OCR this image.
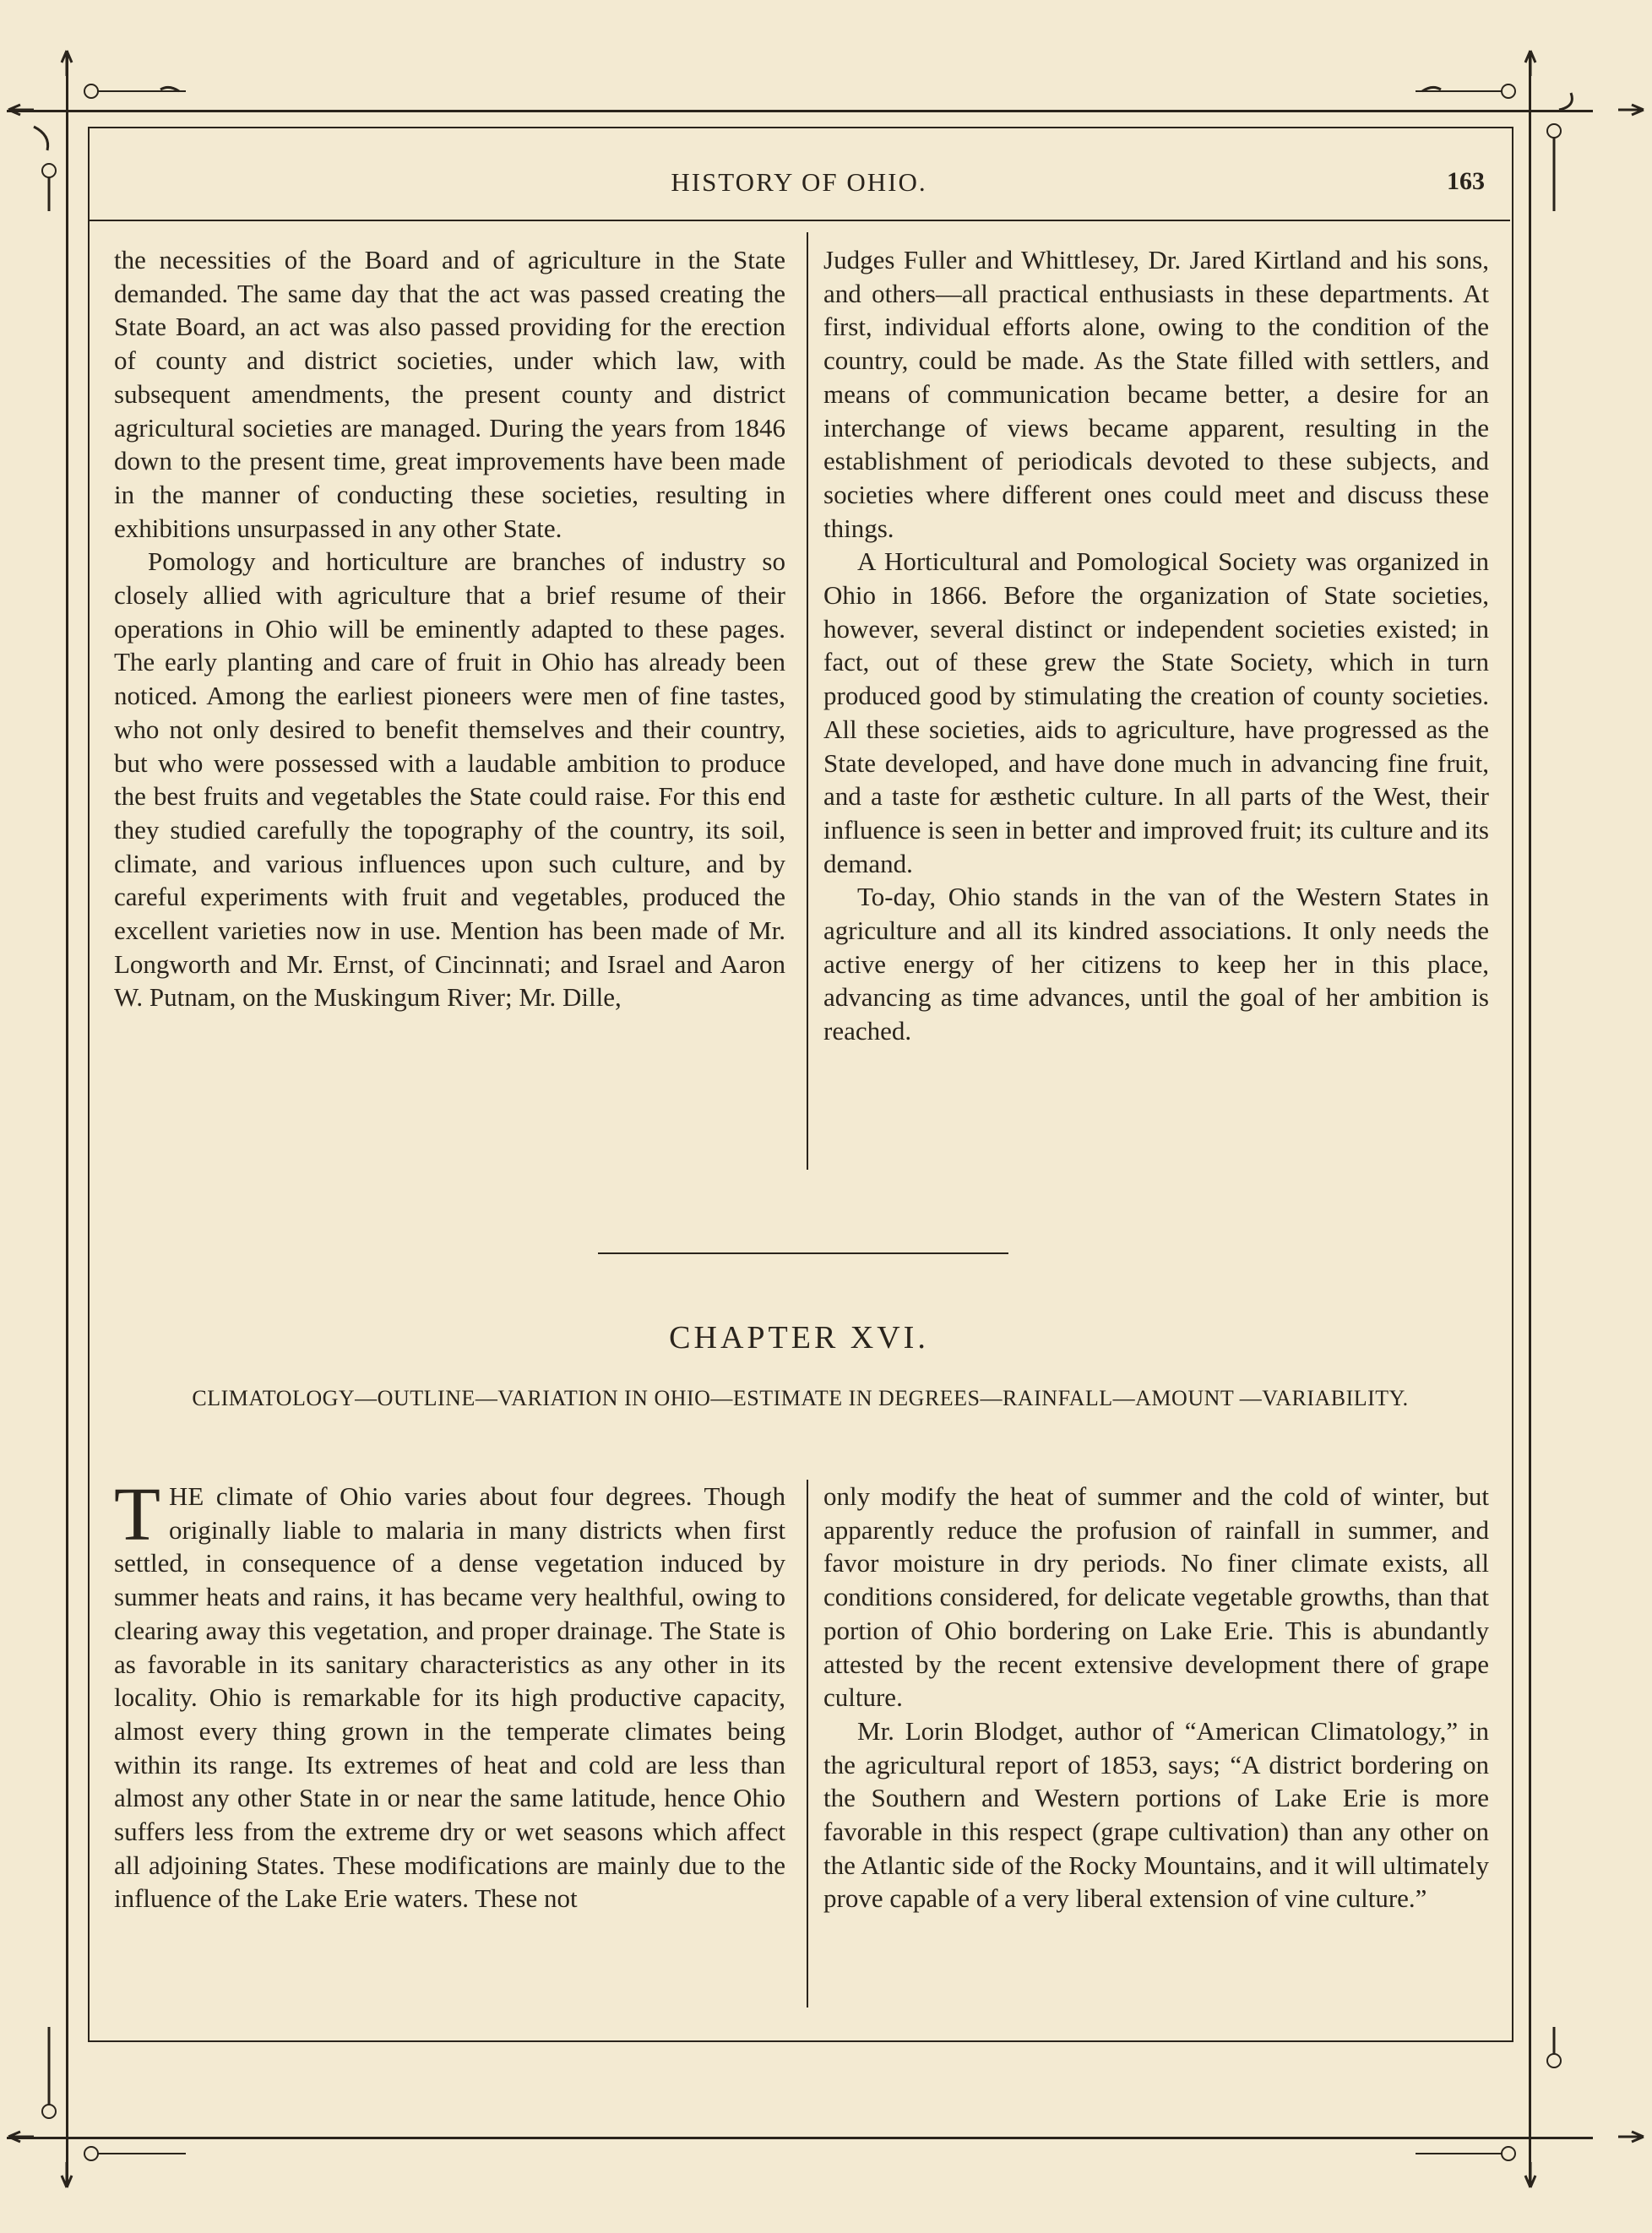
HISTORY OF OHIO.	163

the necessities of the Board and of agriculture in the State demanded. The same day that the act was passed creating the State Board, an act was also passed providing for the erection of county and district societies, under which law, with subsequent amendments, the present county and district agricultural societies are managed. During the years from 1846 down to the present time, great improvements have been made in the manner of conducting these societies, resulting in exhibitions unsurpassed in any other State.

Pomology and horticulture are branches of industry so closely allied with agriculture that a brief resume of their operations in Ohio will be eminently adapted to these pages. The early planting and care of fruit in Ohio has already been noticed. Among the earliest pioneers were men of fine tastes, who not only desired to benefit themselves and their country, but who were possessed with a laudable ambition to produce the best fruits and vegetables the State could raise. For this end they studied carefully the topography of the country, its soil, climate, and various influences upon such culture, and by careful experiments with fruit and vegetables, produced the excellent varieties now in use. Mention has been made of Mr. Longworth and Mr. Ernst, of Cincinnati; and Israel and Aaron W. Putnam, on the Muskingum River; Mr. Dille,

Judges Fuller and Whittlesey, Dr. Jared Kirtland and his sons, and others—all practical enthusiasts in these departments. At first, individual efforts alone, owing to the condition of the country, could be made. As the State filled with settlers, and means of communication became better, a desire for an interchange of views became apparent, resulting in the establishment of periodicals devoted to these subjects, and societies where different ones could meet and discuss these things.

A Horticultural and Pomological Society was organized in Ohio in 1866. Before the organization of State societies, however, several distinct or independent societies existed; in fact, out of these grew the State Society, which in turn produced good by stimulating the creation of county societies. All these societies, aids to agriculture, have progressed as the State developed, and have done much in advancing fine fruit, and a taste for æsthetic culture. In all parts of the West, their influence is seen in better and improved fruit; its culture and its demand.

To-day, Ohio stands in the van of the Western States in agriculture and all its kindred associations. It only needs the active energy of her citizens to keep her in this place, advancing as time advances, until the goal of her ambition is reached.

CHAPTER XVI.
CLIMATOLOGY—OUTLINE—VARIATION IN OHIO—ESTIMATE IN DEGREES—RAINFALL—AMOUNT —VARIABILITY.

THE climate of Ohio varies about four degrees. Though originally liable to malaria in many districts when first settled, in consequence of a dense vegetation induced by summer heats and rains, it has became very healthful, owing to clearing away this vegetation, and proper drainage. The State is as favorable in its sanitary characteristics as any other in its locality. Ohio is remarkable for its high productive capacity, almost every thing grown in the temperate climates being within its range. Its extremes of heat and cold are less than almost any other State in or near the same latitude, hence Ohio suffers less from the extreme dry or wet seasons which affect all adjoining States. These modifications are mainly due to the influence of the Lake Erie waters. These not

only modify the heat of summer and the cold of winter, but apparently reduce the profusion of rainfall in summer, and favor moisture in dry periods. No finer climate exists, all conditions considered, for delicate vegetable growths, than that portion of Ohio bordering on Lake Erie. This is abundantly attested by the recent extensive development there of grape culture.

Mr. Lorin Blodget, author of “American Climatology,” in the agricultural report of 1853, says; “A district bordering on the Southern and Western portions of Lake Erie is more favorable in this respect (grape cultivation) than any other on the Atlantic side of the Rocky Mountains, and it will ultimately prove capable of a very liberal extension of vine culture.”
